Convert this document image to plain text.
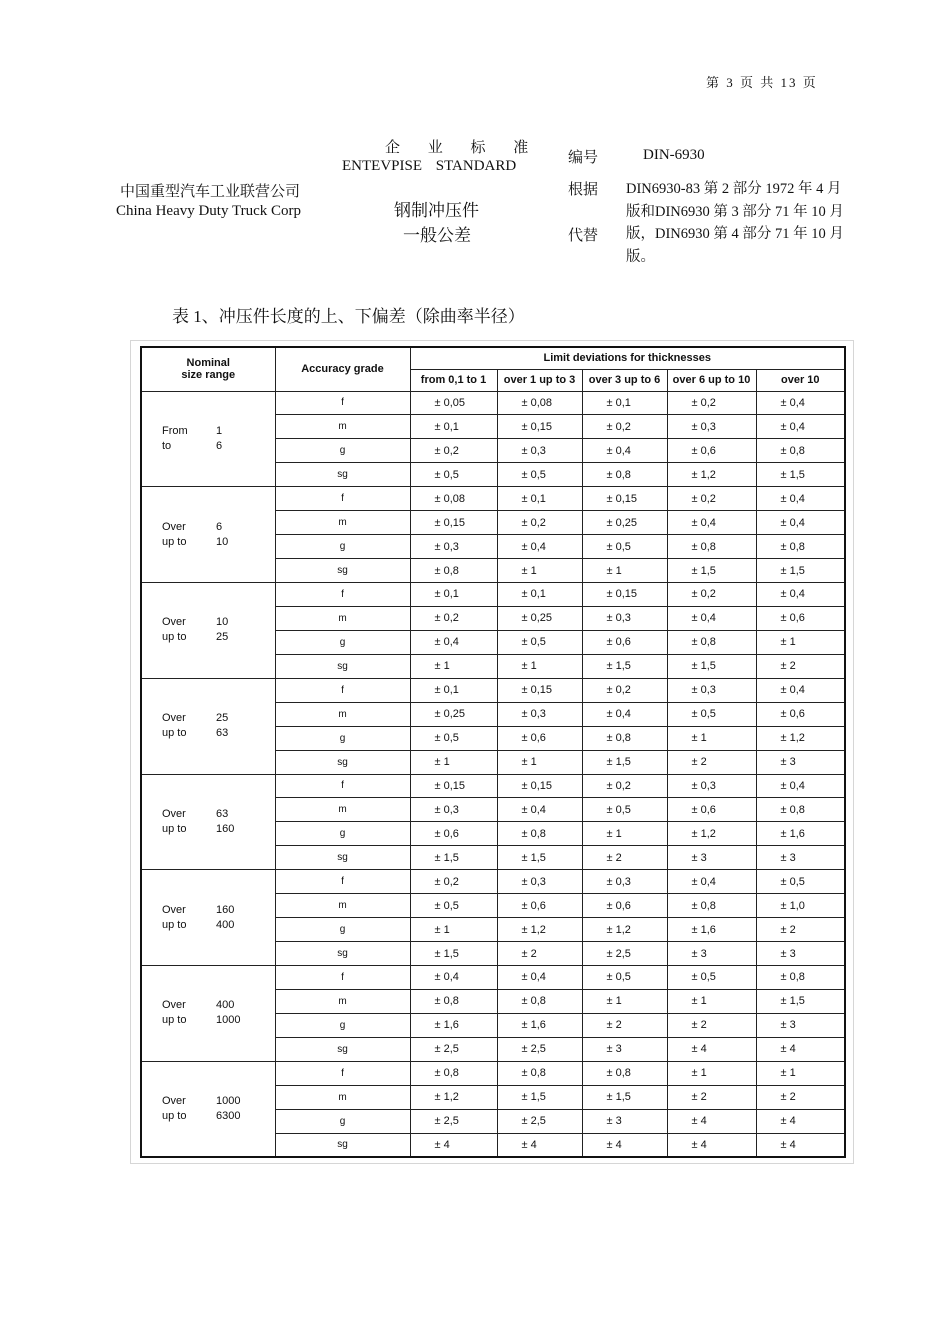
第 3 页 共 13 页
企 业 标 准
ENTEVPISE STANDARD
中国重型汽车工业联营公司
China Heavy Duty Truck Corp	钢制冲压件
一般公差
编号	DIN-6930
根据 DIN6930-83 第 2 部分 1972 年 4 月版和DIN6930 第 3 部分 71 年 10 月版，DIN6930 第 4 部分 71 年 10 月版。
代替
表 1、冲压件长度的上、下偏差（除曲率半径）
Nominal
size range	Accuracy grade	Limit deviations for thicknesses				
		from 0,1 to 1	over 1 up to 3	over 3 up to 6	over 6 up to 10	over 10

From 1
to 6	f	± 0,05	± 0,08	± 0,1	± 0,2	± 0,4
	m	± 0,1	± 0,15	± 0,2	± 0,3	± 0,4
	g	± 0,2	± 0,3	± 0,4	± 0,6	± 0,8
	sg	± 0,5	± 0,5	± 0,8	± 1,2	± 1,5

Over 6
up to 10	f	± 0,08	± 0,1	± 0,15	± 0,2	± 0,4
	m	± 0,15	± 0,2	± 0,25	± 0,4	± 0,4
	g	± 0,3	± 0,4	± 0,5	± 0,8	± 0,8
	sg	± 0,8	± 1	± 1	± 1,5	± 1,5

Over 10
up to 25	f	± 0,1	± 0,1	± 0,15	± 0,2	± 0,4
	m	± 0,2	± 0,25	± 0,3	± 0,4	± 0,6
	g	± 0,4	± 0,5	± 0,6	± 0,8	± 1
	sg	± 1	± 1	± 1,5	± 1,5	± 2

Over 25
up to 63	f	± 0,1	± 0,15	± 0,2	± 0,3	± 0,4
	m	± 0,25	± 0,3	± 0,4	± 0,5	± 0,6
	g	± 0,5	± 0,6	± 0,8	± 1	± 1,2
	sg	± 1	± 1	± 1,5	± 2	± 3

Over 63
up to 160	f	± 0,15	± 0,15	± 0,2	± 0,3	± 0,4
	m	± 0,3	± 0,4	± 0,5	± 0,6	± 0,8
	g	± 0,6	± 0,8	± 1	± 1,2	± 1,6
	sg	± 1,5	± 1,5	± 2	± 3	± 3

Over 160
up to 400	f	± 0,2	± 0,3	± 0,3	± 0,4	± 0,5
	m	± 0,5	± 0,6	± 0,6	± 0,8	± 1,0
	g	± 1	± 1,2	± 1,2	± 1,6	± 2
	sg	± 1,5	± 2	± 2,5	± 3	± 3

Over 400
up to 1000	f	± 0,4	± 0,4	± 0,5	± 0,5	± 0,8
	m	± 0,8	± 0,8	± 1	± 1	± 1,5
	g	± 1,6	± 1,6	± 2	± 2	± 3
	sg	± 2,5	± 2,5	± 3	± 4	± 4

Over 1000
up to 6300	f	± 0,8	± 0,8	± 0,8	± 1	± 1
	m	± 1,2	± 1,5	± 1,5	± 2	± 2
	g	± 2,5	± 2,5	± 3	± 4	± 4
	sg	± 4	± 4	± 4	± 4	± 4
